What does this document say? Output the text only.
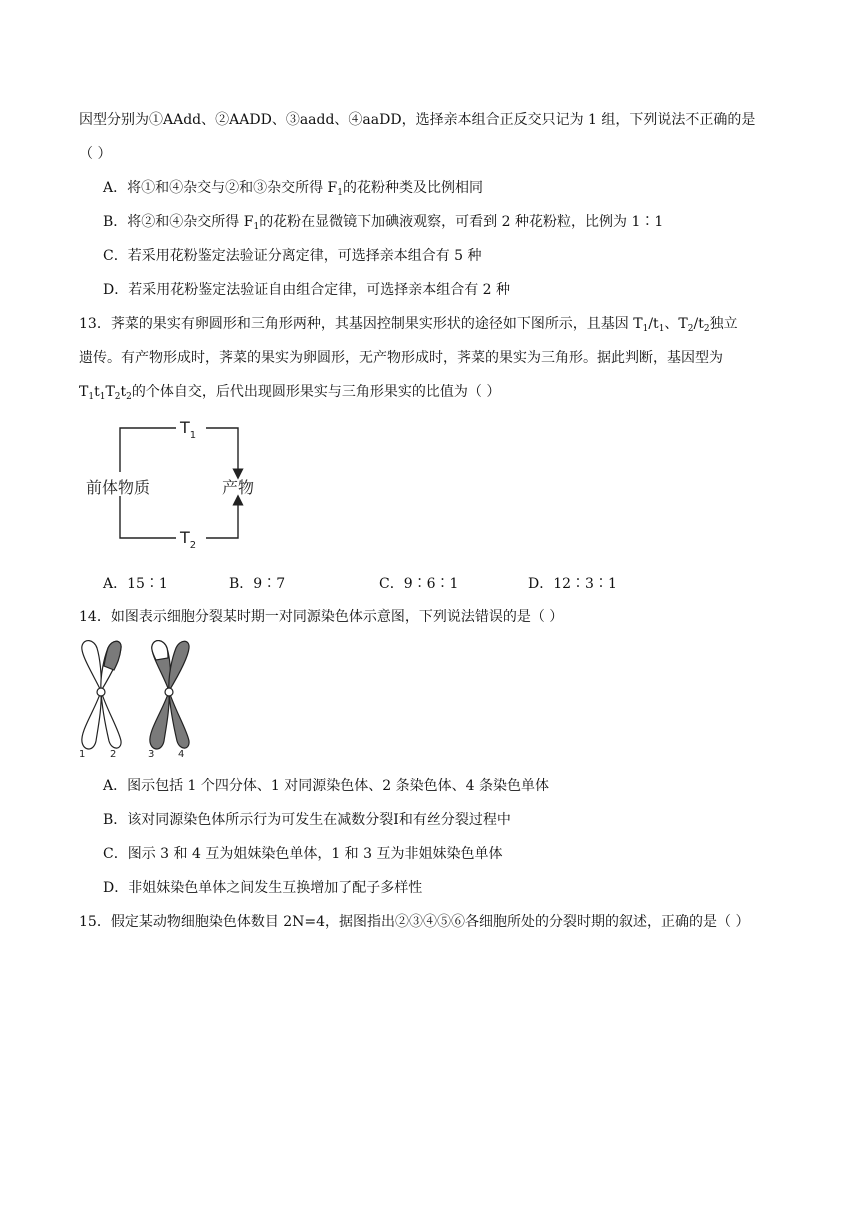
因型分别为①AAdd、②AADD、③aadd、④aaDD，选择亲本组合正反交只记为 1 组，下列说法不正确的是
（ ）
A．将①和④杂交与②和③杂交所得 $F_1$的花粉种类及比例相同
B．将②和④杂交所得 $F_1$的花粉在显微镜下加碘液观察，可看到 2 种花粉粒，比例为 1∶1
C．若采用花粉鉴定法验证分离定律，可选择亲本组合有 5 种
D．若采用花粉鉴定法验证自由组合定律，可选择亲本组合有 2 种
13．荠菜的果实有卵圆形和三角形两种，其基因控制果实形状的途径如下图所示，且基因 $T_1/t_1$、$T_2/t_2$独立
遗传。有产物形成时，荠菜的果实为卵圆形，无产物形成时，荠菜的果实为三角形。据此判断，基因型为
$T_1t_1T_2t_2$的个体自交，后代出现圆形果实与三角形果实的比值为（ ）
前体物质	产物
$T_1$
$T_2$
A．15∶1	B．9∶7	C．9∶6∶1	D．12∶3∶1
14．如图表示细胞分裂某时期一对同源染色体示意图，下列说法错误的是（ ）
1 2	3 4
A．图示包括 1 个四分体、1 对同源染色体、2 条染色体、4 条染色单体
B．该对同源染色体所示行为可发生在减数分裂Ⅰ和有丝分裂过程中
C．图示 3 和 4 互为姐妹染色单体，1 和 3 互为非姐妹染色单体
D．非姐妹染色单体之间发生互换增加了配子多样性
15．假定某动物细胞染色体数目 2N=4，据图指出②③④⑤⑥各细胞所处的分裂时期的叙述，正确的是（ ）
